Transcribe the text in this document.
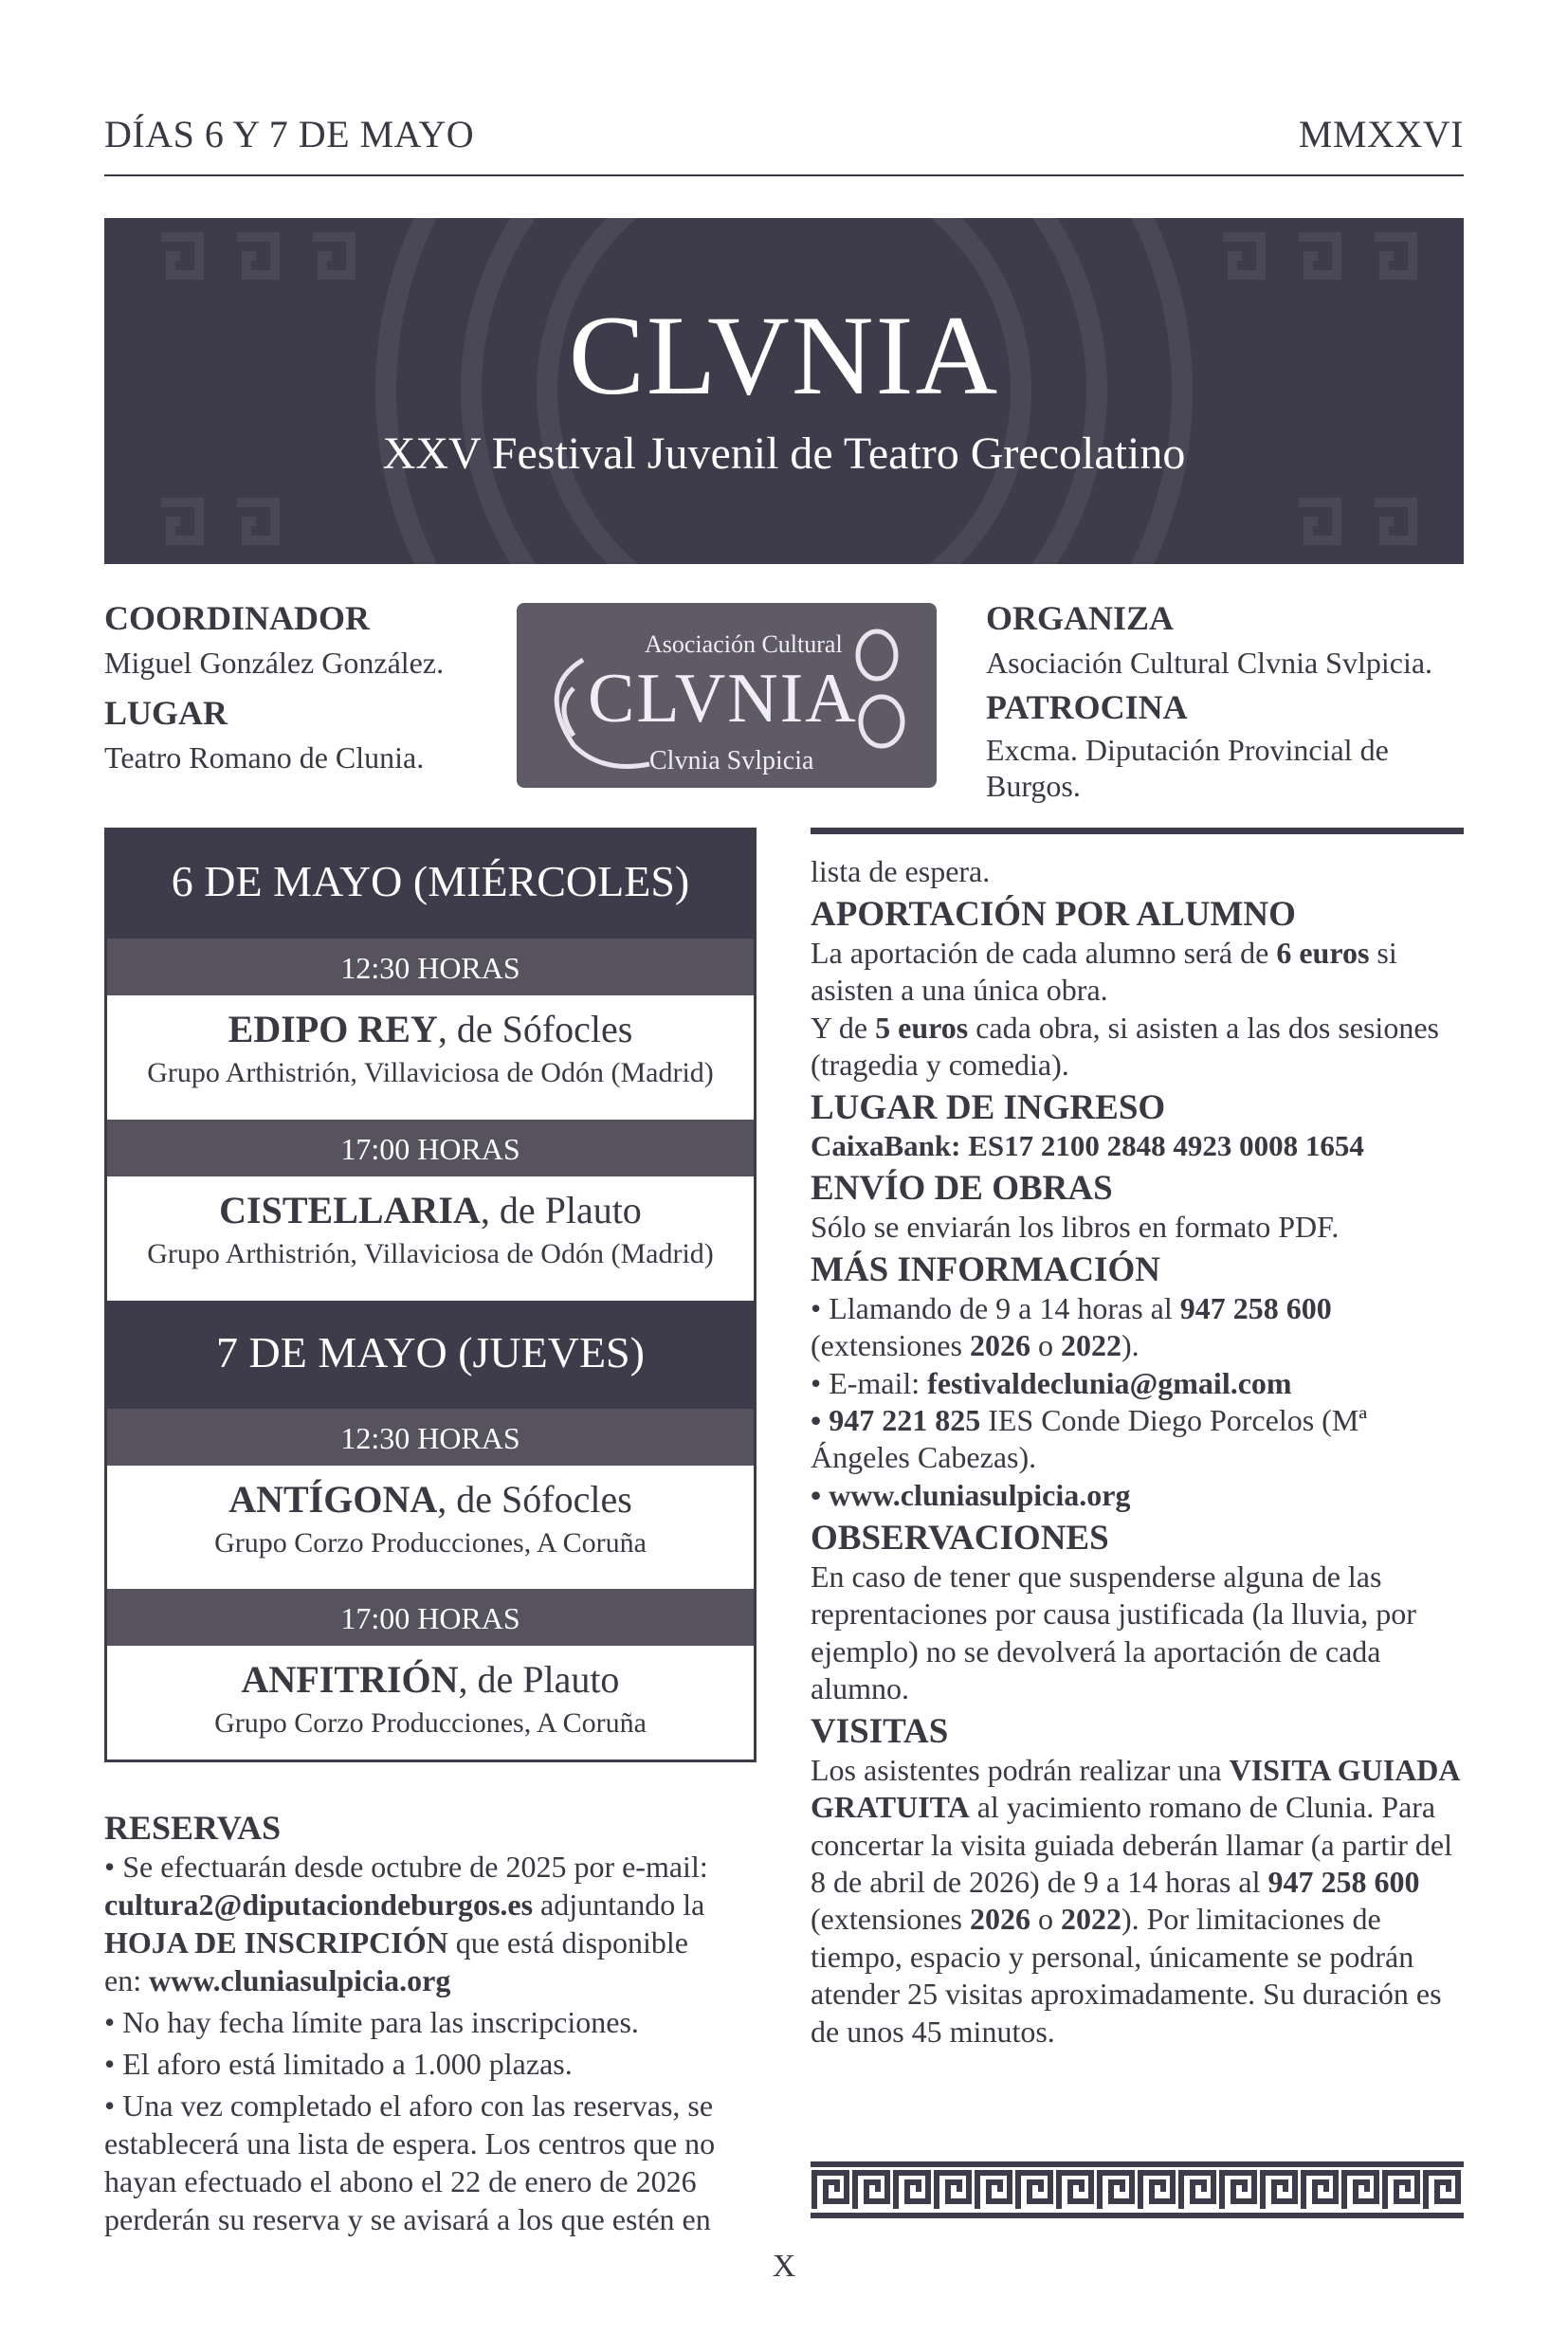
DÍAS 6 Y 7 DE MAYO	MMXXVI
CLVNIA
XXV Festival Juvenil de Teatro Grecolatino
COORDINADOR
Miguel González González.
LUGAR
Teatro Romano de Clunia.
Asociación Cultural
CLVNIA
Clvnia Svlpicia
ORGANIZA
Asociación Cultural Clvnia Svlpicia.
PATROCINA
Excma. Diputación Provincial de
Burgos.
6 DE MAYO (MIÉRCOLES)
12:30 HORAS
EDIPO REY, de Sófocles
Grupo Arthistrión, Villaviciosa de Odón (Madrid)
17:00 HORAS
CISTELLARIA, de Plauto
Grupo Arthistrión, Villaviciosa de Odón (Madrid)
7 DE MAYO (JUEVES)
12:30 HORAS
ANTÍGONA, de Sófocles
Grupo Corzo Producciones, A Coruña
17:00 HORAS
ANFITRIÓN, de Plauto
Grupo Corzo Producciones, A Coruña
RESERVAS

• Se efectuarán desde octubre de 2025 por e-mail:
cultura2@diputaciondeburgos.es adjuntando la
HOJA DE INSCRIPCIÓN que está disponible
en: www.cluniasulpicia.org

• No hay fecha límite para las inscripciones.

• El aforo está limitado a 1.000 plazas.

• Una vez completado el aforo con las reservas, se establecerá una lista de espera. Los centros que no hayan efectuado el abono el 22 de enero de 2026 perderán su reserva y se avisará a los que estén en

lista de espera.

APORTACIÓN POR ALUMNO

La aportación de cada alumno será de 6 euros si asisten a una única obra.

Y de 5 euros cada obra, si asisten a las dos sesiones (tragedia y comedia).

LUGAR DE INGRESO

CaixaBank: ES17 2100 2848 4923 0008 1654

ENVÍO DE OBRAS

Sólo se enviarán los libros en formato PDF.

MÁS INFORMACIÓN

• Llamando de 9 a 14 horas al 947 258 600 (extensiones 2026 o 2022).

• E-mail: festivaldeclunia@gmail.com

• 947 221 825 IES Conde Diego Porcelos (Mª Ángeles Cabezas).

• www.cluniasulpicia.org

OBSERVACIONES

En caso de tener que suspenderse alguna de las reprentaciones por causa justificada (la lluvia, por ejemplo) no se devolverá la aportación de cada alumno.

VISITAS

Los asistentes podrán realizar una VISITA GUIADA GRATUITA al yacimiento romano de Clunia. Para concertar la visita guiada deberán llamar (a partir del 8 de abril de 2026) de 9 a 14 horas al 947 258 600 (extensiones 2026 o 2022). Por limitaciones de tiempo, espacio y personal, únicamente se podrán atender 25 visitas aproximadamente. Su duración es de unos 45 minutos.

X
